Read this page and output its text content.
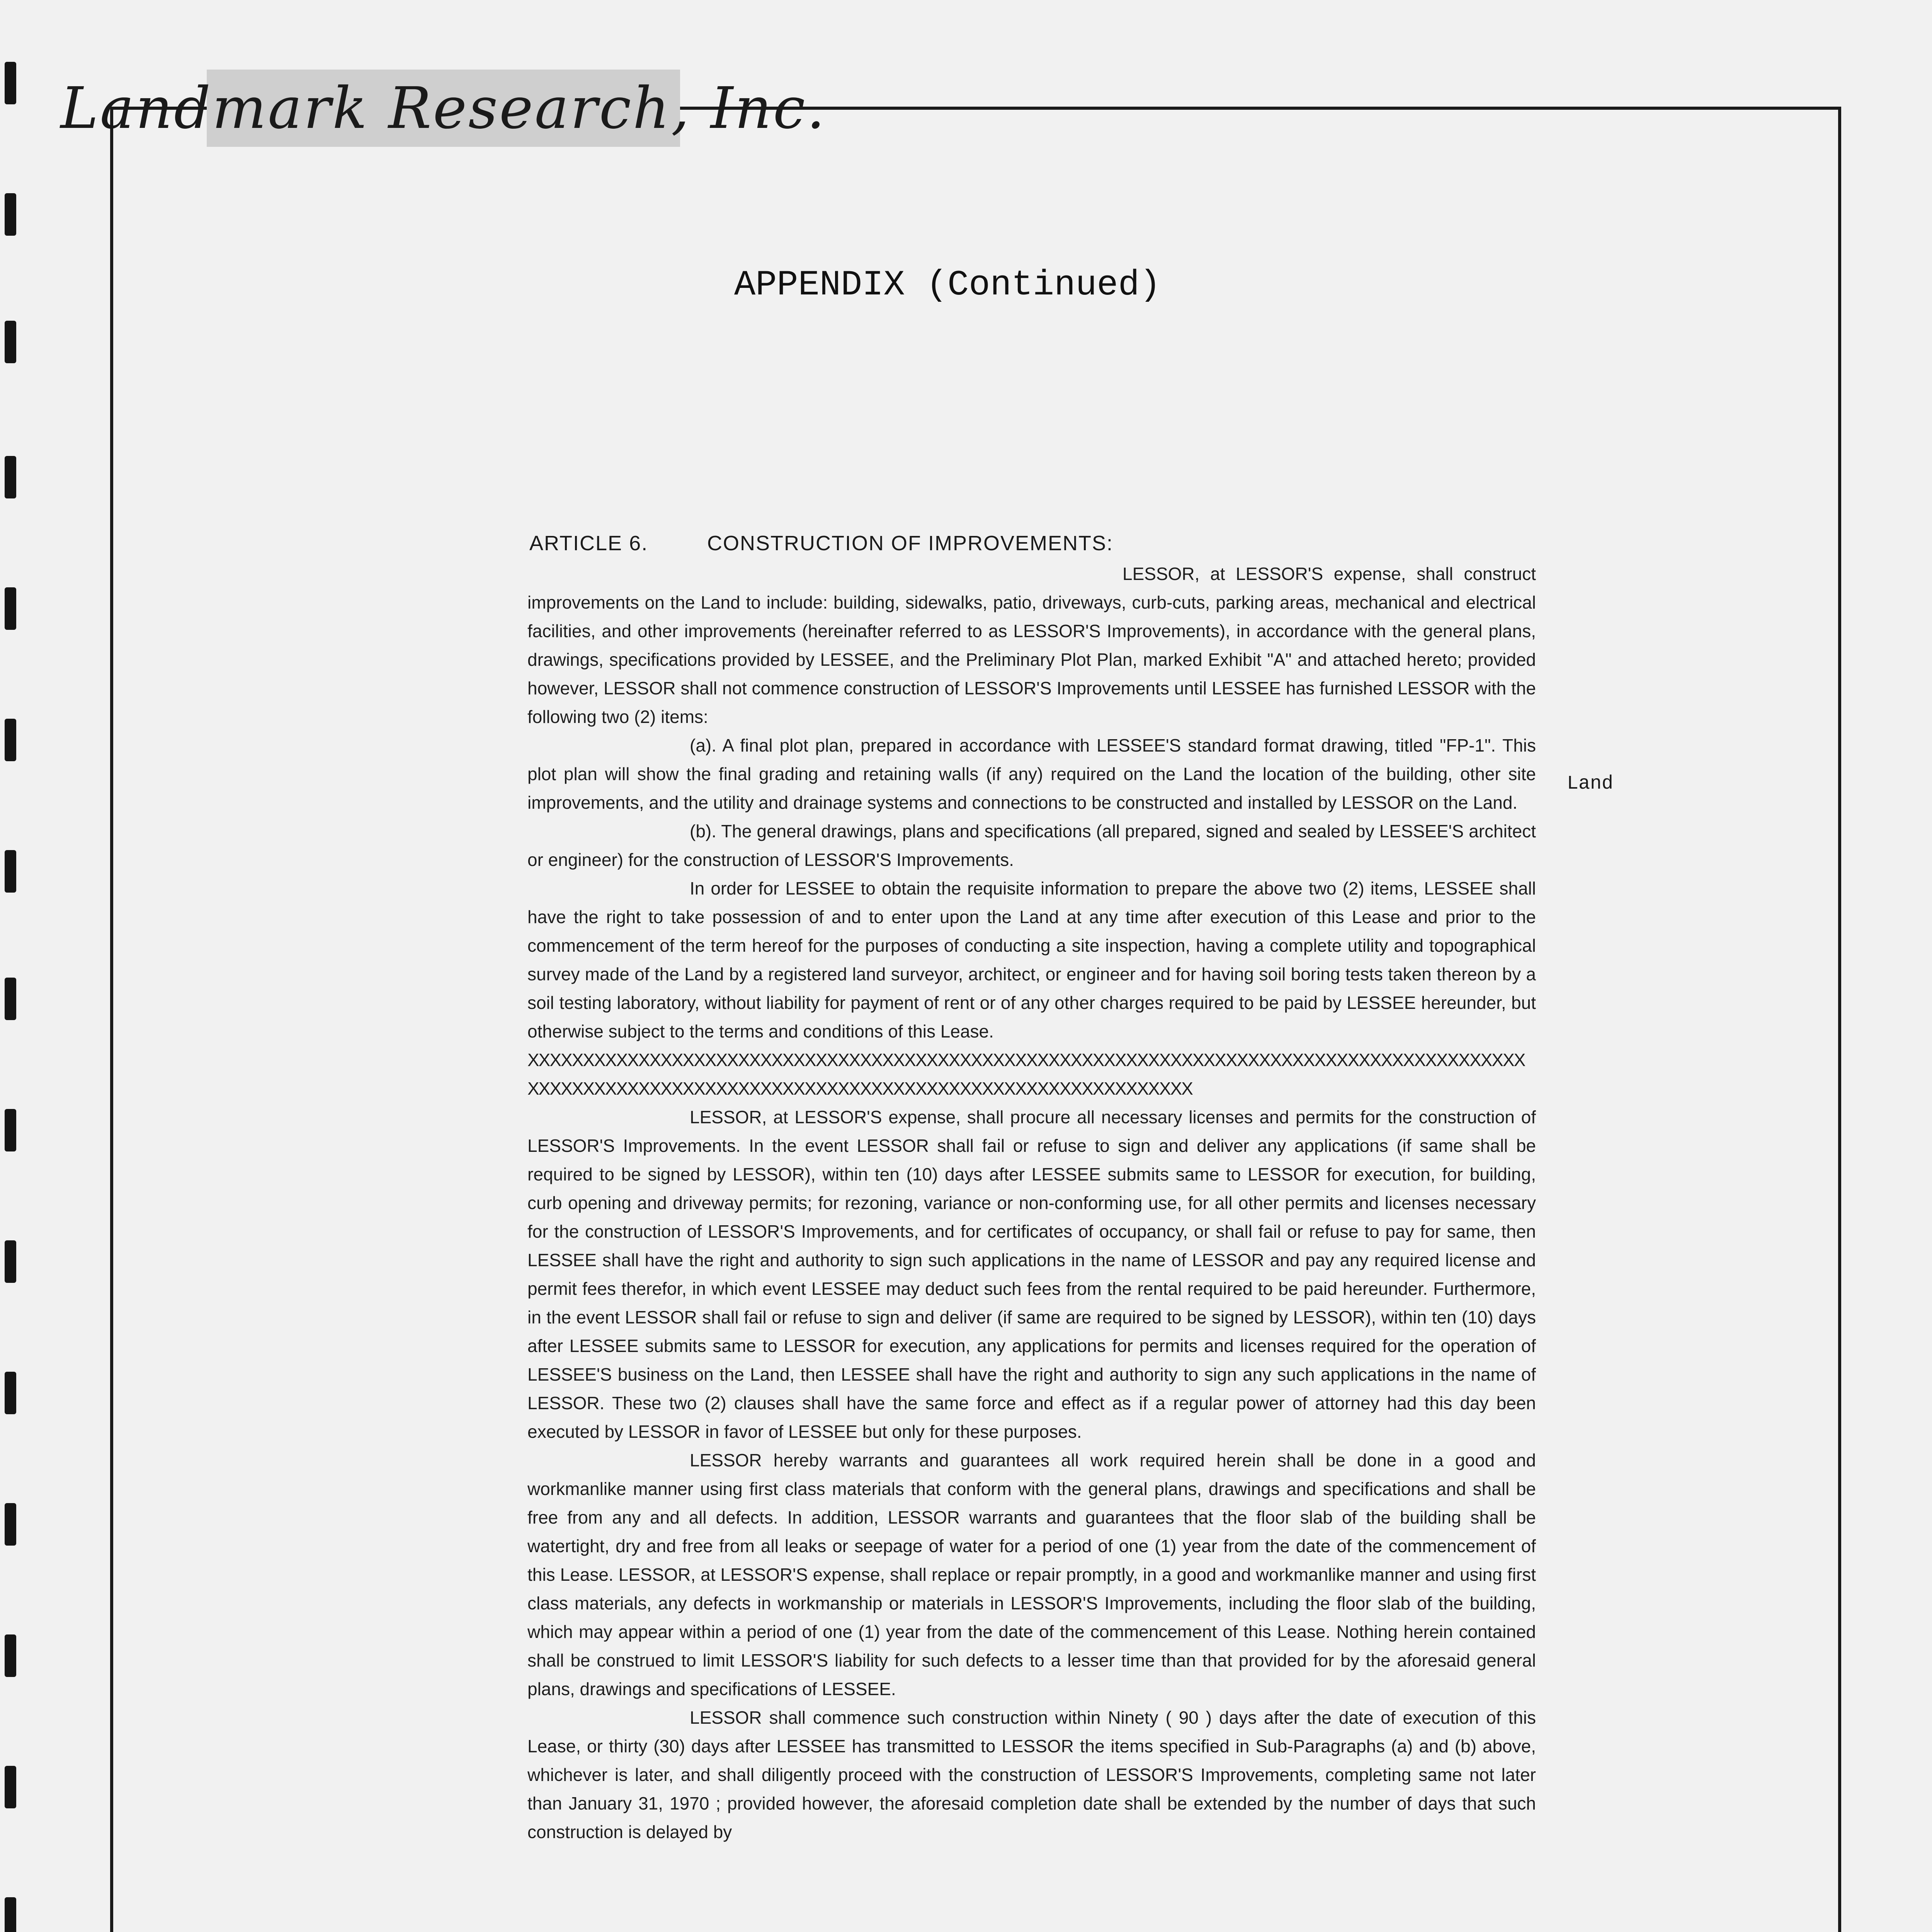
Landmark Research, Inc.
APPENDIX (Continued)
ARTICLE 6.	CONSTRUCTION OF IMPROVEMENTS:
Land

LESSOR, at LESSOR'S expense, shall construct improvements on the Land to include: building, sidewalks, patio, driveways, curb-cuts, parking areas, mechanical and electrical facilities, and other improvements (hereinafter referred to as LESSOR'S Improvements), in accordance with the general plans, drawings, specifications provided by LESSEE, and the Preliminary Plot Plan, marked Exhibit "A" and attached hereto; provided however, LESSOR shall not commence construction of LESSOR'S Improvements until LESSEE has furnished LESSOR with the following two (2) items:

(a). A final plot plan, prepared in accordance with LESSEE'S standard format drawing, titled "FP-1". This plot plan will show the final grading and retaining walls (if any) required on the Land the location of the building, other site improvements, and the utility and drainage systems and connections to be constructed and installed by LESSOR on the Land.

(b). The general drawings, plans and specifications (all prepared, signed and sealed by LESSEE'S architect or engineer) for the construction of LESSOR'S Improvements.

In order for LESSEE to obtain the requisite information to prepare the above two (2) items, LESSEE shall have the right to take possession of and to enter upon the Land at any time after execution of this Lease and prior to the commencement of the term hereof for the purposes of conducting a site inspection, having a complete utility and topographical survey made of the Land by a registered land surveyor, architect, or engineer and for having soil boring tests taken thereon by a soil testing laboratory, without liability for payment of rent or of any other charges required to be paid by LESSEE hereunder, but otherwise subject to the terms and conditions of this Lease.

XXXXXXXXXXXXXXXXXXXXXXXXXXXXXXXXXXXXXXXXXXXXXXXXXXXXXXXXXXXXXXXXXXXXXXXXXXXXXXXXXXXXXXXXXXXXXXXXXXXXXXXXXXXXXXXXXXXXXXXXXXXXXXXXXXXXXXXXXXXXXXXXXXXXXX

LESSOR, at LESSOR'S expense, shall procure all necessary licenses and permits for the construction of LESSOR'S Improvements. In the event LESSOR shall fail or refuse to sign and deliver any applications (if same shall be required to be signed by LESSOR), within ten (10) days after LESSEE submits same to LESSOR for execution, for building, curb opening and driveway permits; for rezoning, variance or non-conforming use, for all other permits and licenses necessary for the construction of LESSOR'S Improvements, and for certificates of occupancy, or shall fail or refuse to pay for same, then LESSEE shall have the right and authority to sign such applications in the name of LESSOR and pay any required license and permit fees therefor, in which event LESSEE may deduct such fees from the rental required to be paid hereunder. Furthermore, in the event LESSOR shall fail or refuse to sign and deliver (if same are required to be signed by LESSOR), within ten (10) days after LESSEE submits same to LESSOR for execution, any applications for permits and licenses required for the operation of LESSEE'S business on the Land, then LESSEE shall have the right and authority to sign any such applications in the name of LESSOR. These two (2) clauses shall have the same force and effect as if a regular power of attorney had this day been executed by LESSOR in favor of LESSEE but only for these purposes.

LESSOR hereby warrants and guarantees all work required herein shall be done in a good and workmanlike manner using first class materials that conform with the general plans, drawings and specifications and shall be free from any and all defects. In addition, LESSOR warrants and guarantees that the floor slab of the building shall be watertight, dry and free from all leaks or seepage of water for a period of one (1) year from the date of the commencement of this Lease. LESSOR, at LESSOR'S expense, shall replace or repair promptly, in a good and workmanlike manner and using first class materials, any defects in workmanship or materials in LESSOR'S Improvements, including the floor slab of the building, which may appear within a period of one (1) year from the date of the commencement of this Lease. Nothing herein contained shall be construed to limit LESSOR'S liability for such defects to a lesser time than that provided for by the aforesaid general plans, drawings and specifications of LESSEE.

LESSOR shall commence such construction within Ninety ( 90 ) days after the date of execution of this Lease, or thirty (30) days after LESSEE has transmitted to LESSOR the items specified in Sub-Paragraphs (a) and (b) above, whichever is later, and shall diligently proceed with the construction of LESSOR'S Improvements, completing same not later than January 31, 1970 ; provided however, the aforesaid completion date shall be extended by the number of days that such construction is delayed by
